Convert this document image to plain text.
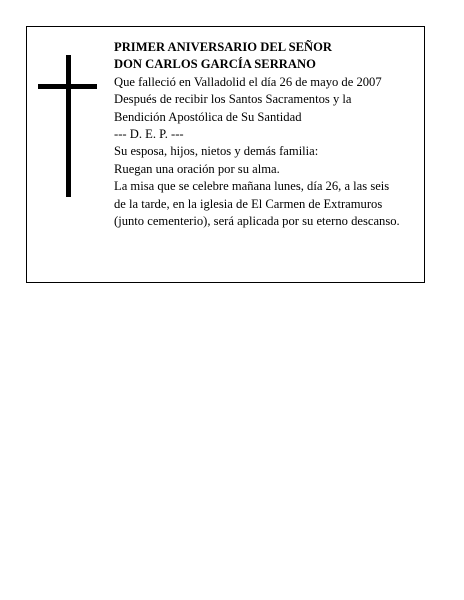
PRIMER ANIVERSARIO DEL SEÑOR
DON CARLOS GARCÍA SERRANO
Que falleció en Valladolid el día 26 de mayo de 2007
Después de recibir los Santos Sacramentos y la
Bendición Apostólica de Su Santidad
--- D. E. P. ---
Su esposa, hijos, nietos y demás familia:
Ruegan una oración por su alma.
La misa que se celebre mañana lunes, día 26, a las seis
de la tarde, en la iglesia de El Carmen de Extramuros
(junto cementerio), será aplicada por su eterno descanso.
